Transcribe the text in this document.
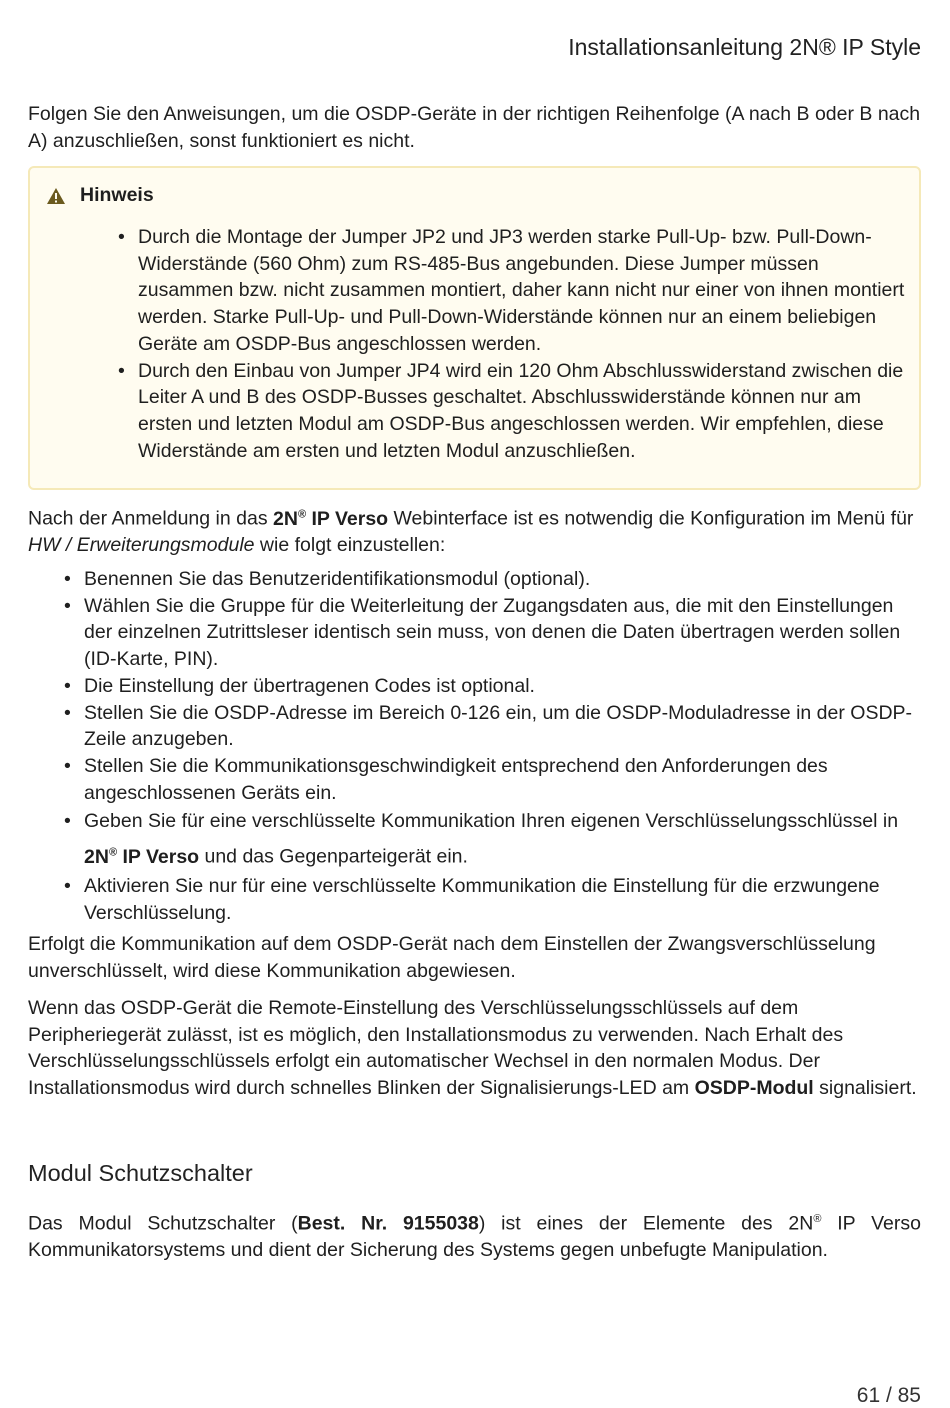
Installationsanleitung 2N® IP Style

Folgen Sie den Anweisungen, um die OSDP-Geräte in der richtigen Reihenfolge (A nach B oder B nach A) anzuschließen, sonst funktioniert es nicht.

Hinweis
• Durch die Montage der Jumper JP2 und JP3 werden starke Pull-Up- bzw. Pull-Down-Widerstände (560 Ohm) zum RS-485-Bus angebunden. Diese Jumper müssen zusammen bzw. nicht zusammen montiert, daher kann nicht nur einer von ihnen montiert werden. Starke Pull-Up- und Pull-Down-Widerstände können nur an einem beliebigen Geräte am OSDP-Bus angeschlossen werden.
• Durch den Einbau von Jumper JP4 wird ein 120 Ohm Abschlusswiderstand zwischen die Leiter A und B des OSDP-Busses geschaltet. Abschlusswiderstände können nur am ersten und letzten Modul am OSDP-Bus angeschlossen werden. Wir empfehlen, diese Widerstände am ersten und letzten Modul anzuschließen.

Nach der Anmeldung in das 2N® IP Verso Webinterface ist es notwendig die Konfiguration im Menü für HW / Erweiterungsmodule wie folgt einzustellen:

• Benennen Sie das Benutzeridentifikationsmodul (optional).
• Wählen Sie die Gruppe für die Weiterleitung der Zugangsdaten aus, die mit den Einstellungen der einzelnen Zutrittsleser identisch sein muss, von denen die Daten übertragen werden sollen (ID-Karte, PIN).
• Die Einstellung der übertragenen Codes ist optional.
• Stellen Sie die OSDP-Adresse im Bereich 0-126 ein, um die OSDP-Moduladresse in der OSDP-Zeile anzugeben.
• Stellen Sie die Kommunikationsgeschwindigkeit entsprechend den Anforderungen des angeschlossenen Geräts ein.
• Geben Sie für eine verschlüsselte Kommunikation Ihren eigenen Verschlüsselungsschlüssel in 2N® IP Verso und das Gegenparteigerät ein.
• Aktivieren Sie nur für eine verschlüsselte Kommunikation die Einstellung für die erzwungene Verschlüsselung.

Erfolgt die Kommunikation auf dem OSDP-Gerät nach dem Einstellen der Zwangsverschlüsselung unverschlüsselt, wird diese Kommunikation abgewiesen.

Wenn das OSDP-Gerät die Remote-Einstellung des Verschlüsselungsschlüssels auf dem Peripheriegerät zulässt, ist es möglich, den Installationsmodus zu verwenden. Nach Erhalt des Verschlüsselungsschlüssels erfolgt ein automatischer Wechsel in den normalen Modus. Der Installationsmodus wird durch schnelles Blinken der Signalisierungs-LED am OSDP-Modul signalisiert.

Modul Schutzschalter

Das Modul Schutzschalter (Best. Nr. 9155038) ist eines der Elemente des 2N® IP Verso Kommunikatorsystems und dient der Sicherung des Systems gegen unbefugte Manipulation.

61 / 85
